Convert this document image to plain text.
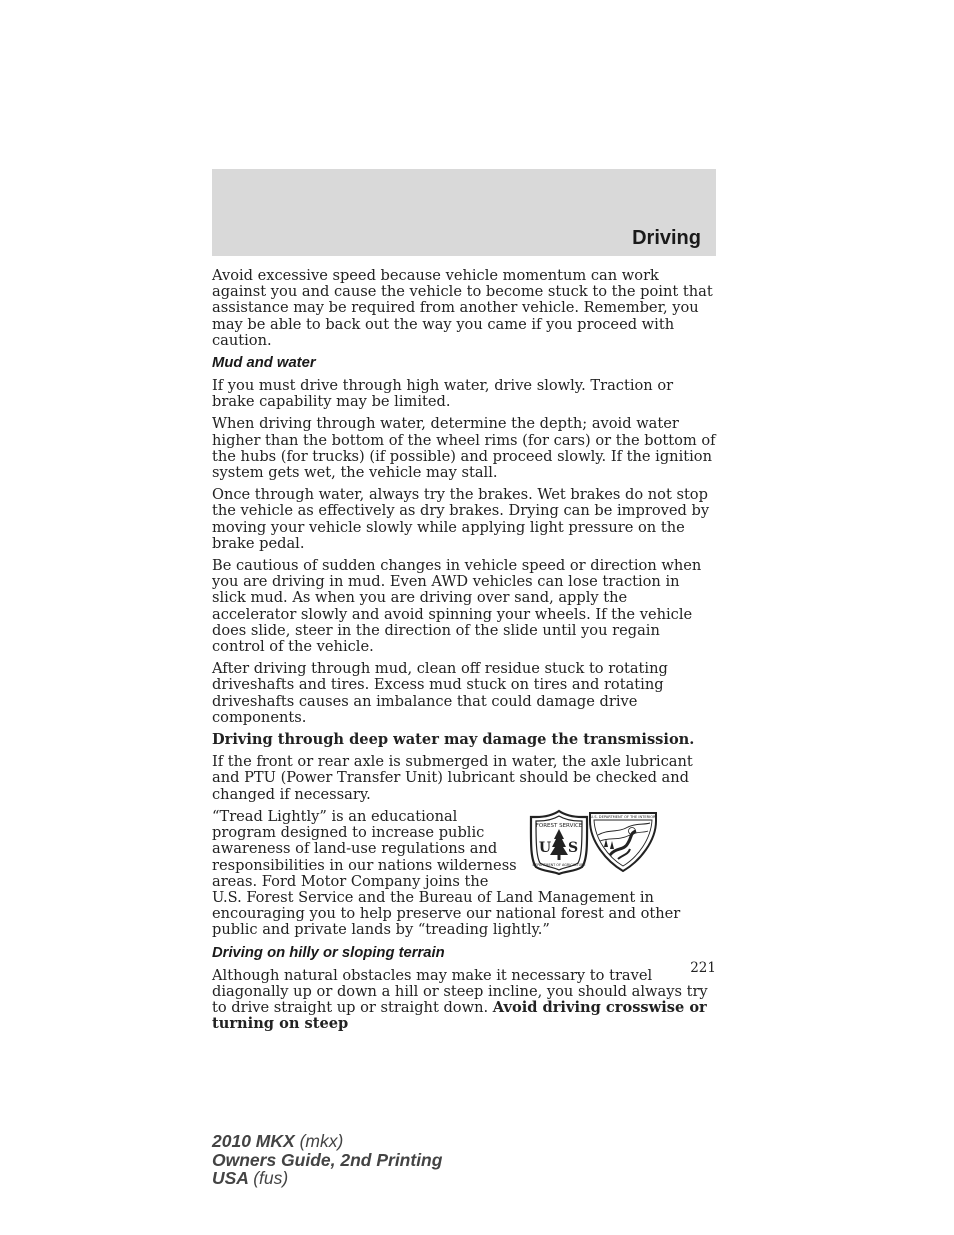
Driving

Avoid excessive speed because vehicle momentum can work against you and cause the vehicle to become stuck to the point that assistance may be required from another vehicle. Remember, you may be able to back out the way you came if you proceed with caution.

Mud and water

If you must drive through high water, drive slowly. Traction or brake capability may be limited.

When driving through water, determine the depth; avoid water higher than the bottom of the wheel rims (for cars) or the bottom of the hubs (for trucks) (if possible) and proceed slowly. If the ignition system gets wet, the vehicle may stall.

Once through water, always try the brakes. Wet brakes do not stop the vehicle as effectively as dry brakes. Drying can be improved by moving your vehicle slowly while applying light pressure on the brake pedal.

Be cautious of sudden changes in vehicle speed or direction when you are driving in mud. Even AWD vehicles can lose traction in slick mud. As when you are driving over sand, apply the accelerator slowly and avoid spinning your wheels. If the vehicle does slide, steer in the direction of the slide until you regain control of the vehicle.

After driving through mud, clean off residue stuck to rotating driveshafts and tires. Excess mud stuck on tires and rotating driveshafts causes an imbalance that could damage drive components.

Driving through deep water may damage the transmission.

If the front or rear axle is submerged in water, the axle lubricant and PTU (Power Transfer Unit) lubricant should be checked and changed if necessary.

FOREST SERVICE
U S
DEPARTMENT OF AGRICULTURE
U.S. DEPARTMENT OF THE INTERIOR
“Tread Lightly” is an educational program designed to increase public awareness of land-use regulations and responsibilities in our nations wilderness areas. Ford Motor Company joins the U.S. Forest Service and the Bureau of Land Management in encouraging you to help preserve our national forest and other public and private lands by “treading lightly.”

Driving on hilly or sloping terrain

Although natural obstacles may make it necessary to travel diagonally up or down a hill or steep incline, you should always try to drive straight up or straight down. Avoid driving crosswise or turning on steep

221
2010 MKX (mkx)
Owners Guide, 2nd Printing
USA (fus)
